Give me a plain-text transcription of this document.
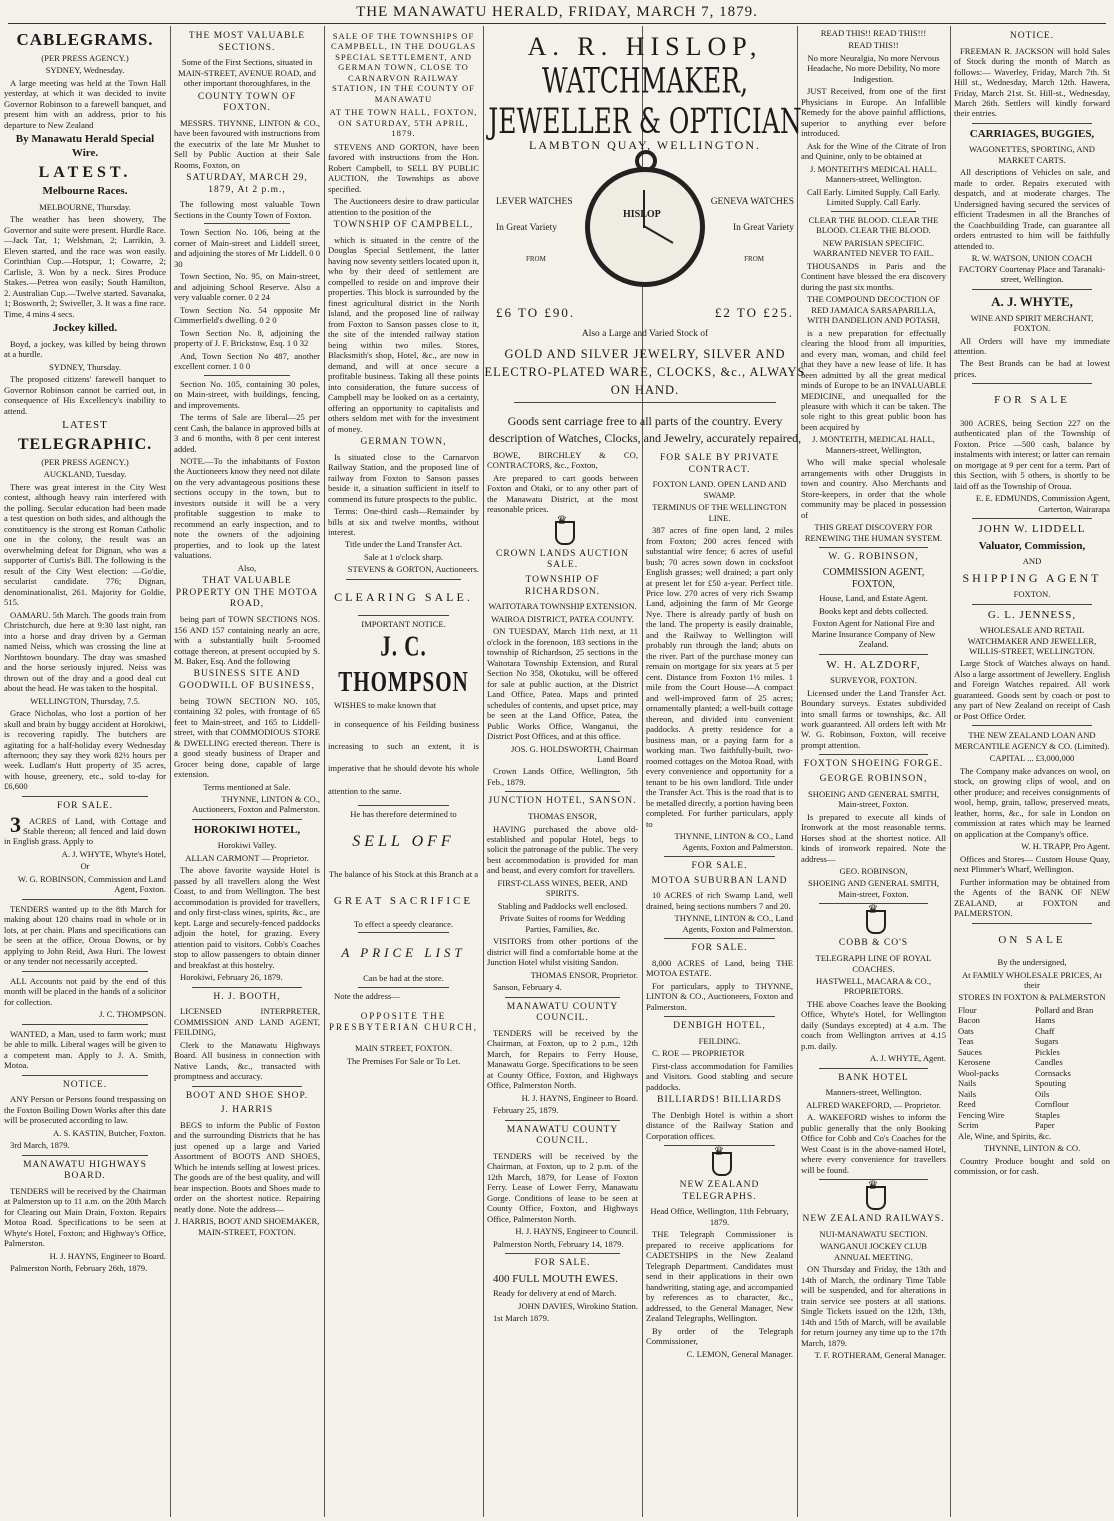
THE MANAWATU HERALD, FRIDAY, MARCH 7, 1879.
CABLEGRAMS.

(PER PRESS AGENCY.)

SYDNEY, Wednesday.

A large meeting was held at the Town Hall yesterday, at which it was decided to invite Governor Robinson to a farewell banquet, and present him with an address, prior to his departure to New Zealand

By Manawatu Herald Special Wire.
LATEST.
Melbourne Races.

MELBOURNE, Thursday.

The weather has been showery, The Governor and suite were present. Hurdle Race.—Jack Tar, 1; Welshman, 2; Larrikin, 3. Eleven started, and the race was won easily. Corinthian Cup.—Hotspur, 1; Cowarre, 2; Carlisle, 3. Won by a neck. Sires Produce Stakes.—Petrea won easily; South Hamilton, 2. Australian Cup.—Twelve started. Savanaka, 1; Bosworth, 2; Swiveller, 3. It was a fine race. Time, 4 mins 4 secs.

Jockey killed.

Boyd, a jockey, was killed by being thrown at a hurdle.

SYDNEY, Thursday.

The proposed citizens' farewell banquet to Governor Robinson cannot be carried out, in consequence of His Excellency's inability to attend.

LATEST
TELEGRAPHIC.

(PER PRESS AGENCY.)

AUCKLAND, Tuesday.

There was great interest in the City West contest, although heavy rain interfered with the polling. Secular education had been made a test question on both sides, and although the constituency is the strong est Roman Catholic one in the colony, the result was an overwhelming defeat for Dignan, who was a supporter of Curtis's Bill. The following is the result of the City West election: —Go'die, secularist candidate. 776; Dignan, denominationalist, 261. Majority for Goldie, 515.

OAMARU. 5th March. The goods train from Christchurch, due here at 9:30 last night, ran into a horse and dray driven by a German named Neiss, which was crossing the line at Northtown boundary. The dray was smashed and the horse seriously injured. Neiss was thrown out of the dray and a good deal cut about the head. He was taken to the hospital.

WELLINGTON, Thursday, 7.5.

Grace Nicholas, who lost a portion of her skull and brain by buggy accident at Horokiwi, is recovering rapidly. The butchers are agitating for a half-holiday every Wednesday afternoon; they say they work 82½ hours per week. Ludlam's Hutt property of 35 acres, with house, greenery, etc., sold to-day for £6,600

FOR SALE.

3 ACRES of Land, with Cottage and Stable thereon; all fenced and laid down in English grass. Apply to

A. J. WHYTE, Whyte's Hotel,

Or

W. G. ROBINSON, Commission and Land Agent, Foxton.

TENDERS wanted up to the 8th March for making about 120 chains road in whole or in lots, at per chain. Plans and specifications can be seen at the office, Oroua Downs, or by applying to John Reid, Awa Huri. The lowest or any tender not necessarily accepted.

ALL Accounts not paid by the end of this month will be placed in the hands of a solicitor for collection.

J. C. THOMPSON.

WANTED, a Man, used to farm work; must be able to milk. Liberal wages will be given to a competent man. Apply to J. A. Smith, Motoa.

NOTICE.

ANY Person or Persons found trespassing on the Foxton Boiling Down Works after this date will be prosecuted according to law.

A. S. KASTIN, Butcher, Foxton.

3rd March, 1879.

MANAWATU HIGHWAYS BOARD.

TENDERS will be received by the Chairman at Palmerston up to 11 a.m. on the 20th March for Clearing out Main Drain, Foxton. Repairs Motoa Road. Specifications to be seen at Whyte's Hotel, Foxton; and Highway's Office, Palmerston.

H. J. HAYNS, Engineer to Board.

Palmerston North, February 26th, 1879.

THE MOST VALUABLE SECTIONS.

Some of the First Sections, situated in MAIN-STREET, AVENUE ROAD, and other important thoroughfares, in the

COUNTY TOWN OF FOXTON.

MESSRS. THYNNE, LINTON & CO., have been favoured with instructions from the executrix of the late Mr Mushet to Sell by Public Auction at their Sale Rooms, Foxton, on

SATURDAY, MARCH 29, 1879, At 2 p.m.,

The following most valuable Town Sections in the County Town of Foxton.

Town Section No. 106, being at the corner of Main-street and Liddell street, and adjoining the stores of Mr Liddell. 0 0 30

Town Section, No. 95, on Main-street, and adjoining School Reserve. Also a very valuable corner. 0 2 24

Town Section No. 54 opposite Mr Cimmerfield's dwelling. 0 2 0

Town Section No. 8, adjoining the property of J. F. Brickstow, Esq. 1 0 32

And, Town Section No 487, another excellent corner. 1 0 0

Section No. 105, containing 30 poles, on Main-street, with buildings, fencing, and improvements.

The terms of Sale are liberal—25 per cent Cash, the balance in approved bills at 3 and 6 months, with 8 per cent interest added.

NOTE.—To the inhabitants of Foxton the Auctioneers know they need not dilate on the very advantageous positions these sections occupy in the town, but to investors outside it will be a very profitable suggestion to make to recommend an early inspection, and to note the owners of the adjoining properties, and to look up the latest valuations.

Also,

THAT VALUABLE PROPERTY ON THE MOTOA ROAD,

being part of TOWN SECTIONS NOS. 156 AND 157 containing nearly an acre, with a substantially built 5-roomed cottage thereon, at present occupied by S. M. Baker, Esq. And the following

BUSINESS SITE AND GOODWILL OF BUSINESS,

being TOWN SECTION NO. 105, containing 32 poles, with frontage of 65 feet to Main-street, and 165 to Liddell-street, with that COMMODIOUS STORE & DWELLING erected thereon. There is a good steady business of Draper and Grocer being done, capable of large extension.

Terms mentioned at Sale.

THYNNE, LINTON & CO., Auctioneers, Foxton and Palmerston.

HOROKIWI HOTEL,

Horokiwi Valley.

ALLAN CARMONT — Proprietor.

The above favorite wayside Hotel is passed by all travellers along the West Coast, to and from Wellington. The best accommodation is provided for travellers, and only first-class wines, spirits, &c., are kept. Large and securely-fenced paddocks adjoin the hotel, for grazing. Every attention paid to visitors. Cobb's Coaches stop to allow passengers to obtain dinner and breakfast at this hostelry.

Horokiwi, February 26, 1879.

H. J. BOOTH,

LICENSED INTERPRETER, COMMISSION AND LAND AGENT, FEILDING,

Clerk to the Manawatu Highways Board. All business in connection with Native Lands, &c., transacted with promptness and accuracy.

BOOT AND SHOE SHOP.
J. HARRIS

BEGS to inform the Public of Foxton and the surrounding Districts that he has just opened up a large and Varied Assortment of BOOTS AND SHOES, Which he intends selling at lowest prices. The goods are of the best quality, and will bear inspection. Boots and Shoes made to order on the shortest notice. Repairing neatly done. Note the address—

J. HARRIS, BOOT AND SHOEMAKER, MAIN-STREET, FOXTON.

SALE OF THE TOWNSHIPS OF CAMPBELL, IN THE DOUGLAS SPECIAL SETTLEMENT, AND GERMAN TOWN, CLOSE TO CARNARVON RAILWAY STATION, IN THE COUNTY OF MANAWATU
AT THE TOWN HALL, FOXTON, ON SATURDAY, 5TH APRIL, 1879.

STEVENS AND GORTON, have been favored with instructions from the Hon. Robert Campbell, to SELL BY PUBLIC AUCTION, the Townships as above specified.

The Auctioneers desire to draw particular attention to the position of the

TOWNSHIP OF CAMPBELL,

which is situated in the centre of the Douglas Special Settlement, the latter having now seventy settlers located upon it, who by their deed of settlement are compelled to reside on and improve their properties. This block is surrounded by the finest agricultural district in the North Island, and the proposed line of railway from Foxton to Sanson passes close to it, the site of the intended railway station being within two miles. Stores, Blacksmith's shop, Hotel, &c., are now in demand, and will at once secure a profitable business. Taking all these points into consideration, the future success of Campbell may be looked on as a certainty, offering an opportunity to capitalists and others seldom met with for the investment of money.

GERMAN TOWN,

Is situated close to the Carnarvon Railway Station, and the proposed line of railway from Foxton to Sanson passes beside it, a situation sufficient in itself to commend its future prospects to the public.

Terms: One-third cash—Remainder by bills at six and twelve months, without interest.

Title under the Land Transfer Act.

Sale at 1 o'clock sharp.

STEVENS & GORTON, Auctioneers.

CLEARING SALE.

IMPORTANT NOTICE.

J. C. THOMPSON

WISHES to make known that

in consequence of his Feilding business increasing to such an extent, it is imperative that he should devote his whole attention to the same.

He has therefore determined to

SELL OFF

The balance of his Stock at this Branch at a

GREAT SACRIFICE

To effect a speedy clearance.

A PRICE LIST

Can be had at the store.

Note the address—

OPPOSITE THE PRESBYTERIAN CHURCH,

MAIN STREET, FOXTON.

The Premises For Sale or To Let.

A. R. HISLOP,
WATCHMAKER, JEWELLER & OPTICIAN
LAMBTON QUAY, WELLINGTON.
LEVER WATCHES	GENEVA WATCHES
In Great Variety	In Great Variety
FROM	FROM
HISLOP
£6 TO £90.	£2 TO £25.
Also a Large and Varied Stock of
GOLD AND SILVER JEWELRY, SILVER AND ELECTRO-PLATED WARE, CLOCKS, &c., ALWAYS ON HAND.
Goods sent carriage free to all parts of the country. Every description of Watches, Clocks, and Jewelry, accurately repaired,

BOWE, BIRCHLEY & CO, CONTRACTORS, &c., Foxton,

Are prepared to cart goods between Foxton and Otaki, or to any other part of the Manawatu District, at the most reasonable prices.

♛
CROWN LANDS AUCTION SALE.
TOWNSHIP OF RICHARDSON.

WAITOTARA TOWNSHIP EXTENSION.

WAIROA DISTRICT, PATEA COUNTY.

ON TUESDAY, March 11th next, at 11 o'clock in the forenoon, 183 sections in the township of Richardson, 25 sections in the Waitotara Township Extension, and Rural Section No 358, Okotuku, will be offered for sale at public auction, at the District Land Office, Patea. Maps and printed schedules of contents, and upset price, may be seen at the Land Office, Patea, the Public Works Office, Wanganui, the District Post Offices, and at this office.

JOS. G. HOLDSWORTH, Chairman Land Board

Crown Lands Office, Wellington, 5th Feb., 1879.

JUNCTION HOTEL, SANSON.

THOMAS ENSOR,

HAVING purchased the above old-established and popular Hotel, begs to solicit the patronage of the public. The very best accommodation is provided for man and beast, and every comfort for travellers.

FIRST-CLASS WINES, BEER, AND SPIRITS.

Stabling and Paddocks well enclosed.

Private Suites of rooms for Wedding Parties, Families, &c.

VISITORS from other portions of the district will find a comfortable home at the Junction Hotel whilst visiting Sandon.

THOMAS ENSOR, Proprietor.

Sanson, February 4.

MANAWATU COUNTY COUNCIL.

TENDERS will be received by the Chairman, at Foxton, up to 2 p.m., 12th March, for Repairs to Ferry House, Manawatu Gorge. Specifications to be seen at County Office, Foxton, and Highways Office, Palmerston North.

H. J. HAYNS, Engineer to Board.

February 25, 1879.

MANAWATU COUNTY COUNCIL.

TENDERS will be received by the Chairman, at Foxton, up to 2 p.m. of the 12th March, 1879, for Lease of Foxton Ferry. Lease of Lower Ferry, Manawatu Gorge. Conditions of lease to be seen at County Office, Foxton, and Highways Office, Palmerston North.

H. J. HAYNS, Engineer to Council.

Palmerston North, February 14, 1879.

FOR SALE.

400 FULL MOUTH EWES.

Ready for delivery at end of March.

JOHN DAVIES, Wirokino Station.

1st March 1879.

FOR SALE BY PRIVATE CONTRACT.

FOXTON LAND. OPEN LAND AND SWAMP.

TERMINUS OF THE WELLINGTON LINE.

387 acres of fine open land, 2 miles from Foxton; 200 acres fenced with substantial wire fence; 6 acres of useful bush; 70 acres sown down in cocksfoot English grasses; well drained; a part only at present let for £50 a-year. Perfect title. Price low. 270 acres of very rich Swamp Land, adjoining the farm of Mr George Nye. There is already partly of bush on the land. The property is easily drainable, and the Railway to Wellington will probably run through the land; abuts on the river. Part of the purchase money can remain on mortgage for six years at 5 per cent. Distance from Foxton 1½ miles. 1 mile from the Court House—A compact and well-improved farm of 25 acres; ornamentally planted; a well-built cottage thereon, and divided into convenient paddocks. A pretty residence for a business man, or a paying farm for a working man. Two faithfully-built, two-roomed cottages on the Motoa Road, with every convenience and opportunity for a tenant to be his own landlord. Title under the Transfer Act. This is the road that is to be metalled directly, a portion having been completed. For further particulars, apply to

THYNNE, LINTON & CO., Land Agents, Foxton and Palmerston.

FOR SALE.
MOTOA SUBURBAN LAND

10 ACRES of rich Swamp Land, well drained, being sections numbers 7 and 20.

THYNNE, LINTON & CO., Land Agents, Foxton and Palmerston.

FOR SALE.

8,000 ACRES of Land, being THE MOTOA ESTATE.

For particulars, apply to THYNNE, LINTON & CO., Auctioneers, Foxton and Palmerston.

DENBIGH HOTEL,

FEILDING.

C. ROE — PROPRIETOR

First-class accommodation for Families and Visitors. Good stabling and secure paddocks.

BILLIARDS! BILLIARDS

The Denbigh Hotel is within a short distance of the Railway Station and Corporation offices.

♛
NEW ZEALAND TELEGRAPHS.

Head Office, Wellington, 11th February, 1879.

THE Telegraph Commissioner is prepared to receive applications for CADETSHIPS in the New Zealand Telegraph Department. Candidates must send in their applications in their own handwriting, stating age, and accompanied by references as to character, &c., addressed, to the General Manager, New Zealand Telegraphs, Wellington.

By order of the Telegraph Commissioner,

C. LEMON, General Manager.

READ THIS!! READ THIS!!!

READ THIS!!

No more Neuralgia, No more Nervous Headache, No more Debility, No more Indigestion.

JUST Received, from one of the first Physicians in Europe. An Infallible Remedy for the above painful afflictions, superior to anything ever before introduced.

Ask for the Wine of the Citrate of Iron and Quinine, only to be obtained at

J. MONTEITH'S MEDICAL HALL. Manners-street, Wellington.

Call Early. Limited Supply. Call Early. Limited Supply. Call Early.

CLEAR THE BLOOD. CLEAR THE BLOOD. CLEAR THE BLOOD.

NEW PARISIAN SPECIFIC. WARRANTED NEVER TO FAIL.

THOUSANDS in Paris and the Continent have blessed the era discovery during the past six months.

THE COMPOUND DECOCTION OF RED JAMAICA SARSAPARILLA, WITH DANDELION AND POTASH,

is a new preparation for effectually clearing the blood from all impurities, and every man, woman, and child feel that they have a new lease of life. It has been admitted by all the great medical minds of Europe to be an INVALUABLE MEDICINE, and unequalled for the pleasure with which it can be taken. The sole right to this great public boon has been acquired by

J. MONTEITH, MEDICAL HALL, Manners-street, Wellington,

Who will make special wholesale arrangements with other Druggists in town and country. Also Merchants and Store-keepers, in order that the whole community may be placed in possession of

THIS GREAT DISCOVERY FOR RENEWING THE HUMAN SYSTEM.

W. G. ROBINSON,

COMMISSION AGENT, FOXTON,

House, Land, and Estate Agent.

Books kept and debts collected.

Foxton Agent for National Fire and Marine Insurance Company of New Zealand.

W. H. ALZDORF,

SURVEYOR, FOXTON.

Licensed under the Land Transfer Act. Boundary surveys. Estates subdivided into small farms or townships, &c. All work guaranteed. All orders left with Mr W. G. Robinson, Foxton, will receive prompt attention.

FOXTON SHOEING FORGE.
GEORGE ROBINSON,

SHOEING AND GENERAL SMITH, Main-street, Foxton.

Is prepared to execute all kinds of Ironwork at the most reasonable terms. Horses shod at the shortest notice. All kinds of ironwork repaired. Note the address—

GEO. ROBINSON,

SHOEING AND GENERAL SMITH, Main-street, Foxton.

♛
COBB & CO'S

TELEGRAPH LINE OF ROYAL COACHES.

HASTWELL, MACARA & CO., PROPRIETORS.

THE above Coaches leave the Booking Office, Whyte's Hotel, for Wellington daily (Sundays excepted) at 4 a.m. The coach from Wellington arrives at 4.15 p.m. daily.

A. J. WHYTE, Agent.

BANK HOTEL

Manners-street, Wellington.

ALFRED WAKEFORD, — Proprietor.

A. WAKEFORD wishes to inform the public generally that the only Booking Office for Cobb and Co's Coaches for the West Coast is in the above-named Hotel, where every convenience for travellers will be found.

♛
NEW ZEALAND RAILWAYS.

NUI-MANAWATU SECTION.

WANGANUI JOCKEY CLUB ANNUAL MEETING.

ON Thursday and Friday, the 13th and 14th of March, the ordinary Time Table will be suspended, and for alterations in train service see posters at all stations. Single Tickets issued on the 12th, 13th, 14th and 15th of March, will be available for return journey any time up to the 17th March, 1879.

T. F. ROTHERAM, General Manager.

NOTICE.

FREEMAN R. JACKSON will hold Sales of Stock during the month of March as follows:— Waverley, Friday, March 7th. St Hill st., Wednesday, March 12th. Hawera, Friday, March 21st. St. Hill-st., Wednesday, March 26th. Settlers will kindly forward their entries.

CARRIAGES, BUGGIES,

WAGONETTES, SPORTING, AND MARKET CARTS.

All descriptions of Vehicles on sale, and made to order. Repairs executed with despatch, and at moderate charges. The Undersigned having secured the services of efficient Tradesmen in all the Branches of the Coachbuilding Trade, can guarantee all orders entrusted to him will be faithfully attended to.

R. W. WATSON, UNION COACH FACTORY Courtenay Place and Taranaki-street, Wellington.

A. J. WHYTE,

WINE AND SPIRIT MERCHANT, FOXTON.

All Orders will have my immediate attention.

The Best Brands can be had at lowest prices.

FOR SALE

300 ACRES, being Section 227 on the authenticated plan of the Township of Foxton. Price —500 cash, balance by instalments with interest; or latter can remain on mortgage at 9 per cent for a term. Part of this Section, with 5 others, is shortly to be laid off as the Township of Oroua.

E. E. EDMUNDS, Commission Agent, Carterton, Wairarapa

JOHN W. LIDDELL
Valuator, Commission,

AND

SHIPPING AGENT

FOXTON.

G. L. JENNESS,

WHOLESALE AND RETAIL WATCHMAKER AND JEWELLER, WILLIS-STREET, WELLINGTON.

Large Stock of Watches always on hand. Also a large assortment of Jewellery. English and Foreign Watches repaired. All work guaranteed. Goods sent by coach or post to any part of New Zealand on receipt of Cash or Post Office Order.

THE NEW ZEALAND LOAN AND MERCANTILE AGENCY & CO. (Limited).

CAPITAL ... £3,000,000

The Company make advances on wool, on stock, on growing clips of wool, and on other produce; and receives consignments of wool, hemp, grain, tallow, preserved meats, leather, horns, &c., for sale in London on commission at rates which may be learned on application at the Company's office.

W. H. TRAPP, Pro Agent.

Offices and Stores— Custom House Quay, next Plimmer's Wharf, Wellington.

Further information may be obtained from the Agents of the BANK OF NEW ZEALAND, at FOXTON and PALMERSTON.

ON SALE

By the undersigned,

At FAMILY WHOLESALE PRICES, At their

STORES IN FOXTON & PALMERSTON

Flour	Pollard and Bran
Bacon	Hams
Oats	Chaff
Teas	Sugars
Sauces	Pickles
Kerosene	Candles
Wool-packs	Cornsacks
Nails	Spouting
Nails	Oils
Reed	Cornflour
Fencing Wire	Staples
Scrim	Paper
Ale, Wine, and Spirits, &c.

THYNNE, LINTON & CO.

Country Produce bought and sold on commission, or for cash.
